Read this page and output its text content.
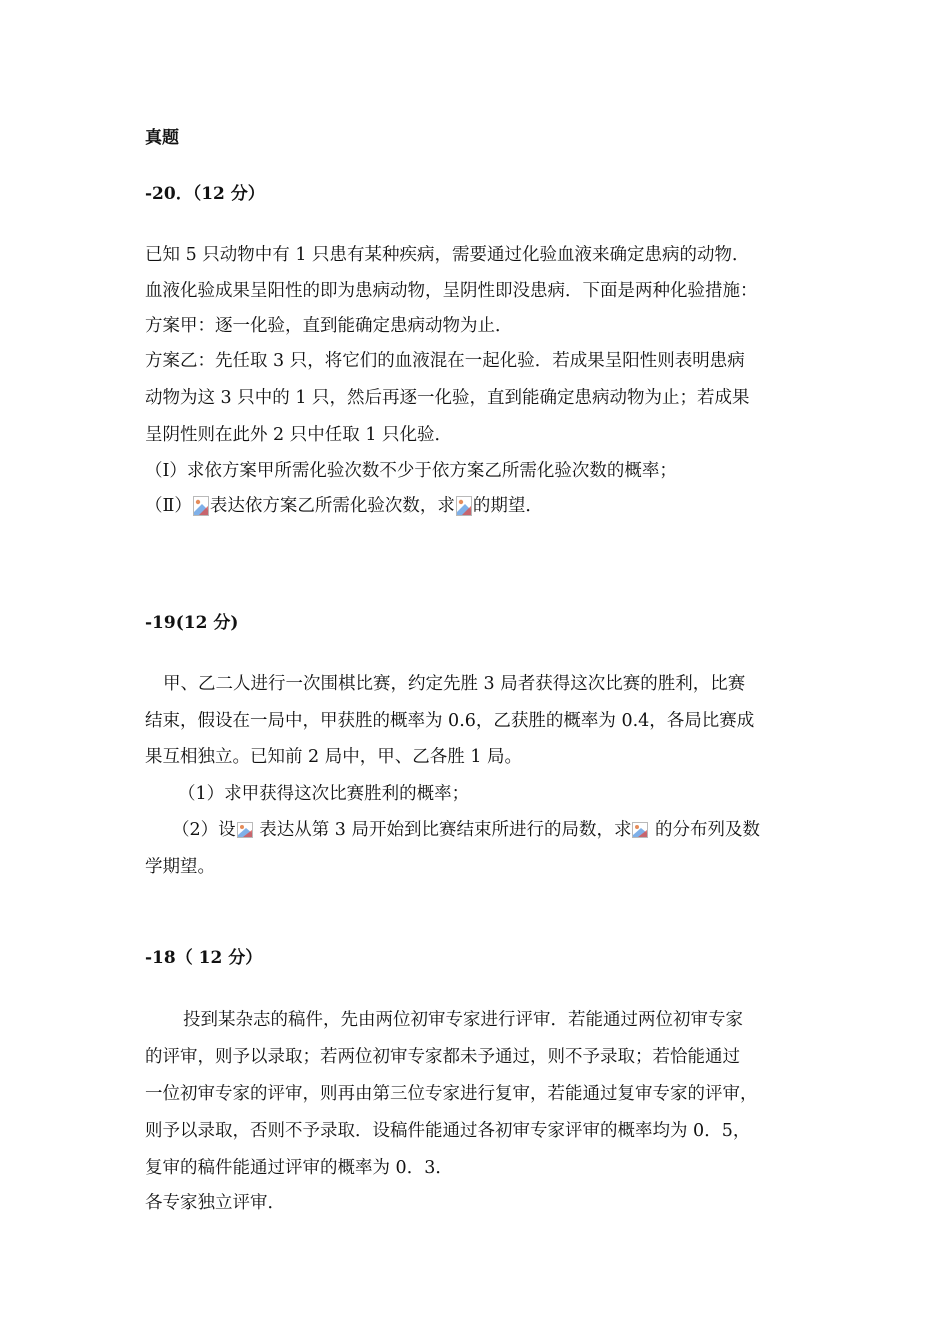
真题
-20．（12 分）
已知 5 只动物中有 1 只患有某种疾病，需要通过化验血液来确定患病的动物．
血液化验成果呈阳性的即为患病动物，呈阴性即没患病．下面是两种化验措施：
方案甲：逐一化验，直到能确定患病动物为止．
方案乙：先任取 3 只，将它们的血液混在一起化验．若成果呈阳性则表明患病
动物为这 3 只中的 1 只，然后再逐一化验，直到能确定患病动物为止；若成果
呈阴性则在此外 2 只中任取 1 只化验．
（Ⅰ）求依方案甲所需化验次数不少于依方案乙所需化验次数的概率；
（Ⅱ） 表达依方案乙所需化验次数，求 的期望．
-19(12 分)
甲、乙二人进行一次围棋比赛，约定先胜 3 局者获得这次比赛的胜利，比赛
结束，假设在一局中，甲获胜的概率为 0.6，乙获胜的概率为 0.4，各局比赛成
果互相独立。已知前 2 局中，甲、乙各胜 1 局。
（1）求甲获得这次比赛胜利的概率；
（2）设
表达从第 3 局开始到比赛结束所进行的局数，求
的分布列及数
学期望。
-18（ 12 分）
投到某杂志的稿件，先由两位初审专家进行评审．若能通过两位初审专家
的评审，则予以录取；若两位初审专家都未予通过，则不予录取；若恰能通过
一位初审专家的评审，则再由第三位专家进行复审，若能通过复审专家的评审，
则予以录取，否则不予录取．设稿件能通过各初审专家评审的概率均为 0．5，
复审的稿件能通过评审的概率为 0．3．
各专家独立评审．
